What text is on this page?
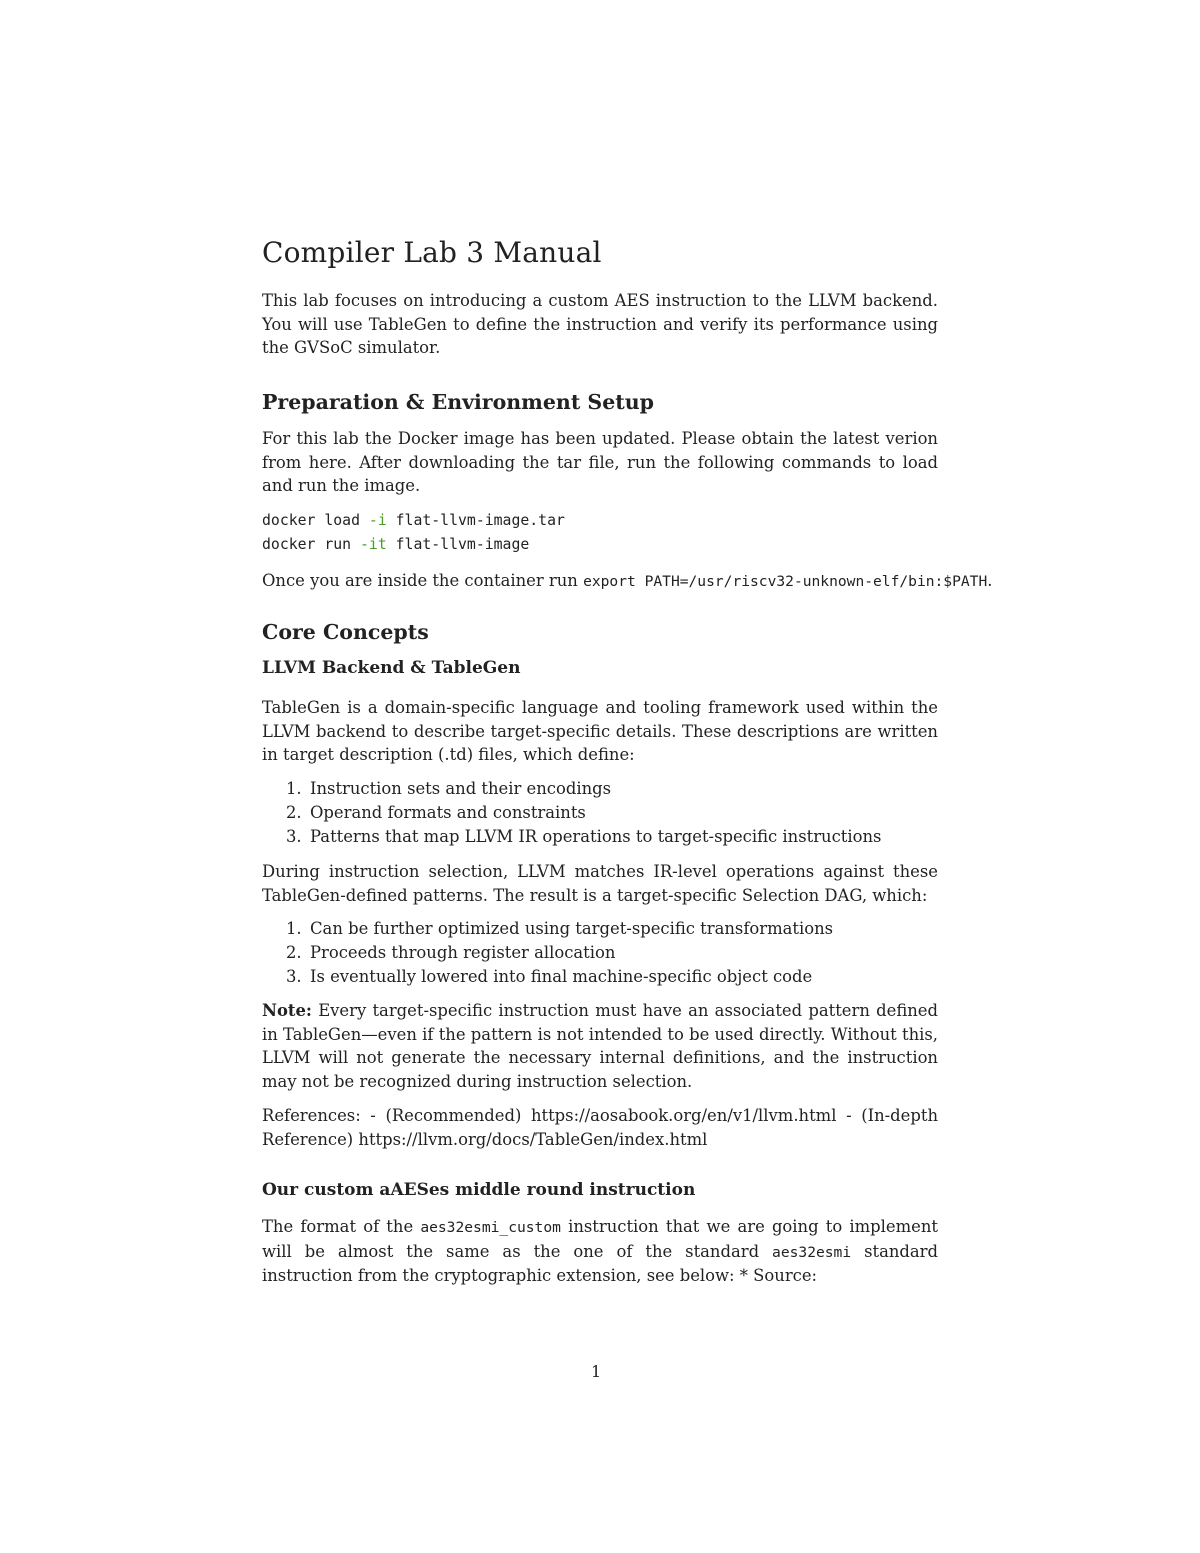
Compiler Lab 3 Manual

This lab focuses on introducing a custom AES instruction to the LLVM backend. You will use TableGen to define the instruction and verify its performance using the GVSoC simulator.

Preparation & Environment Setup

For this lab the Docker image has been updated. Please obtain the latest verion from here. After downloading the tar file, run the following commands to load and run the image.

docker load -i flat-llvm-image.tar
docker run -it flat-llvm-image

Once you are inside the container run export PATH=/usr/riscv32-unknown-elf/bin:$PATH.

Core Concepts
LLVM Backend & TableGen

TableGen is a domain-specific language and tooling framework used within the LLVM backend to describe target-specific details. These descriptions are written in target description (.td) files, which define:

1. Instruction sets and their encodings
2. Operand formats and constraints
3. Patterns that map LLVM IR operations to target-specific instructions

During instruction selection, LLVM matches IR-level operations against these TableGen-defined patterns. The result is a target-specific Selection DAG, which:

1. Can be further optimized using target-specific transformations
2. Proceeds through register allocation
3. Is eventually lowered into final machine-specific object code

Note: Every target-specific instruction must have an associated pattern defined in TableGen—even if the pattern is not intended to be used directly. Without this, LLVM will not generate the necessary internal definitions, and the instruction may not be recognized during instruction selection.

References: - (Recommended) https://aosabook.org/en/v1/llvm.html - (In-depth Reference) https://llvm.org/docs/TableGen/index.html

Our custom aAESes middle round instruction

The format of the aes32esmi_custom instruction that we are going to implement will be almost the same as the one of the standard aes32esmi standard instruction from the cryptographic extension, see below: * Source:

1
